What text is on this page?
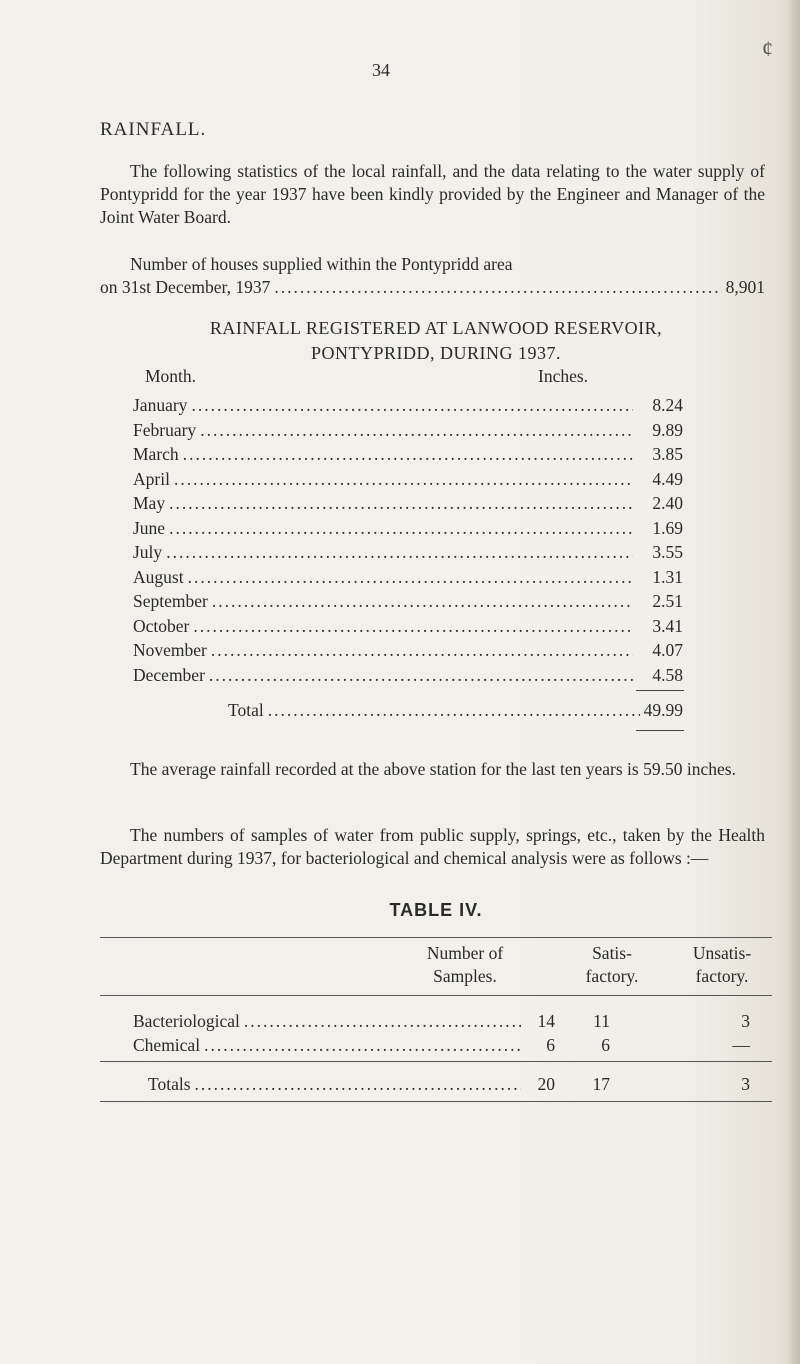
34
¢
RAINFALL.
The following statistics of the local rainfall, and the data relating to the water supply of Pontypridd for the year 1937 have been kindly provided by the Engineer and Manager of the Joint Water Board.
Number of houses supplied within the Pontypridd area
on 31st December, 1937 .....	8,901
RAINFALL REGISTERED AT LANWOOD RESERVOIR,
PONTYPRIDD, DURING 1937.
Month.	Inches.
January .....	8.24
February .....	9.89
March .....	3.85
April .....	4.49
May .....	2.40
June .....	1.69
July .....	3.55
August .....	1.31
September .....	2.51
October .....	3.41
November .....	4.07
December .....	4.58
Total .....	49.99
The average rainfall recorded at the above station for the last ten years is 59.50 inches.
The numbers of samples of water from public supply, springs, etc., taken by the Health Department during 1937, for bacteriological and chemical analysis were as follows :—
TABLE IV.
Number of
Samples.
Satis-
factory.
Unsatis-
factory.
Bacteriological .....	14	11	3
Chemical .....	6	6	—
Totals .....	20	17	3
